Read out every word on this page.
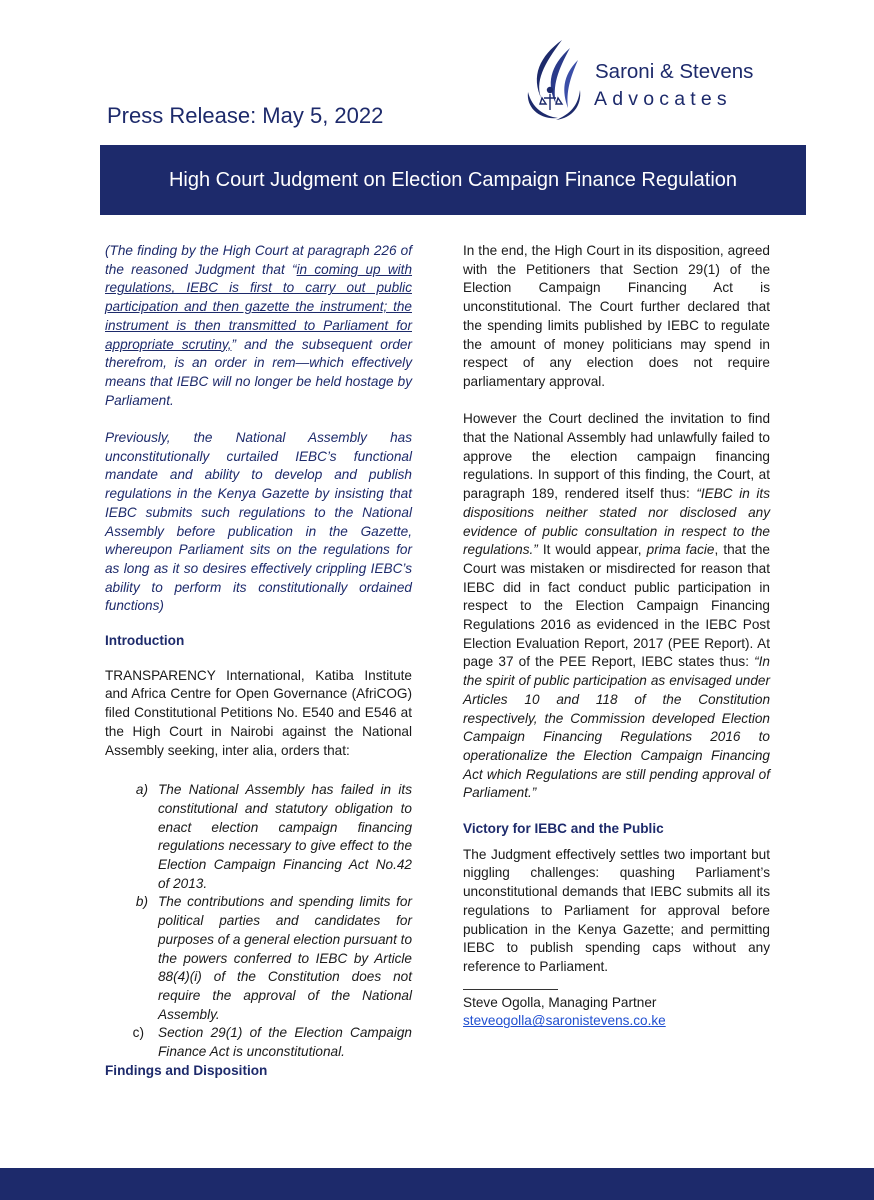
Saroni & Stevens
Advocates
Press Release: May 5, 2022
High Court Judgment on Election Campaign Finance Regulation

(The finding by the High Court at paragraph 226 of the reasoned Judgment that “in coming up with regulations, IEBC is first to carry out public participation and then gazette the instrument; the instrument is then transmitted to Parliament for appropriate scrutiny,” and the subsequent order therefrom, is an order in rem—which effectively means that IEBC will no longer be held hostage by Parliament.

Previously, the National Assembly has unconstitutionally curtailed IEBC’s functional mandate and ability to develop and publish regulations in the Kenya Gazette by insisting that IEBC submits such regulations to the National Assembly before publication in the Gazette, whereupon Parliament sits on the regulations for as long as it so desires effectively crippling IEBC’s ability to perform its constitutionally ordained functions)

Introduction

TRANSPARENCY International, Katiba Institute and Africa Centre for Open Governance (AfriCOG) filed Constitutional Petitions No. E540 and E546 at the High Court in Nairobi against the National Assembly seeking, inter alia, orders that:

a) The National Assembly has failed in its constitutional and statutory obligation to enact election campaign financing regulations necessary to give effect to the Election Campaign Financing Act No.42 of 2013.
b) The contributions and spending limits for political parties and candidates for purposes of a general election pursuant to the powers conferred to IEBC by Article 88(4)(i) of the Constitution does not require the approval of the National Assembly.
c)	Section 29(1) of the Election Campaign Finance Act is unconstitutional.
Findings and Disposition

In the end, the High Court in its disposition, agreed with the Petitioners that Section 29(1) of the Election Campaign Financing Act is unconstitutional. The Court further declared that the spending limits published by IEBC to regulate the amount of money politicians may spend in respect of any election does not require parliamentary approval.

However the Court declined the invitation to find that the National Assembly had unlawfully failed to approve the election campaign financing regulations. In support of this finding, the Court, at paragraph 189, rendered itself thus: “IEBC in its dispositions neither stated nor disclosed any evidence of public consultation in respect to the regulations.” It would appear, prima facie, that the Court was mistaken or misdirected for reason that IEBC did in fact conduct public participation in respect to the Election Campaign Financing Regulations 2016 as evidenced in the IEBC Post Election Evaluation Report, 2017 (PEE Report). At page 37 of the PEE Report, IEBC states thus: “In the spirit of public participation as envisaged under Articles 10 and 118 of the Constitution respectively, the Commission developed Election Campaign Financing Regulations 2016 to operationalize the Election Campaign Financing Act which Regulations are still pending approval of Parliament.”

Victory for IEBC and the Public

The Judgment effectively settles two important but niggling challenges: quashing Parliament’s unconstitutional demands that IEBC submits all its regulations to Parliament for approval before publication in the Kenya Gazette; and permitting IEBC to publish spending caps without any reference to Parliament.

Steve Ogolla, Managing Partner
steveogolla@saronistevens.co.ke
